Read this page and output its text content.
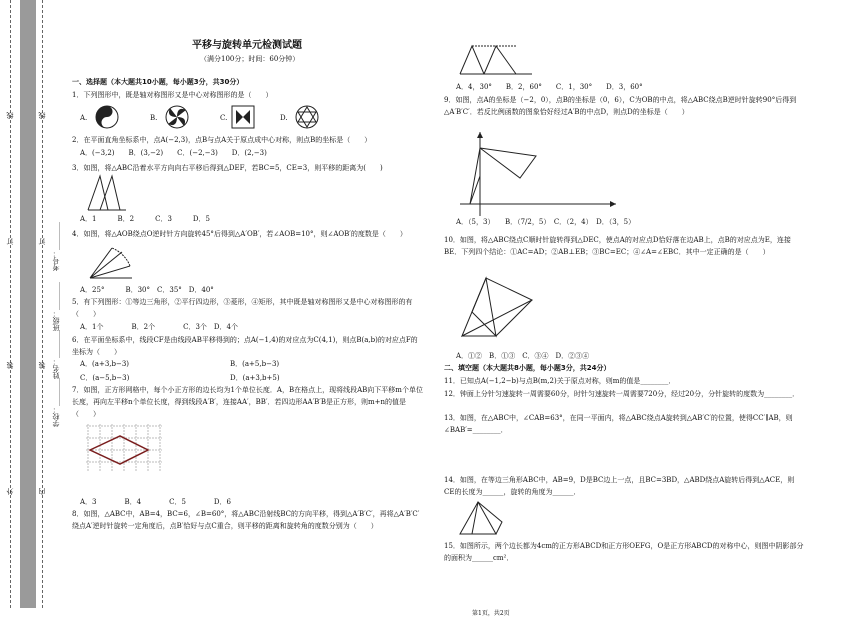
线
订
装
外
线
订
装
内
考号：________
班级：________
姓名：________
学校：________
平移与旋转单元检测试题
（满分100分；时间：60分钟）
一、选择题（本大题共10小题，每小题3分，共30分）
1．下列图形中，既是轴对称图形又是中心对称图形的是（　　）
A.	B.	C.	D.
2．在平面直角坐标系中，点A(−2,3)，点B与点A关于原点成中心对称，则点B的坐标是（　　）
A．(−3,2)　　B．(3,−2)　　C．(−2,−3)　　D．(2,−3)
3．如图，将△ABC沿着水平方向向右平移后得到△DEF，若BC=5，CE=3，则平移的距离为(　　)
A．1　　　B．2　　　C．3　　　D．5
4．如图，将△AOB绕点O逆时针方向旋转45°后得到△A′OB′，若∠AOB=10°，则∠AOB′的度数是（　　）
A．25°　　　B．30°　C．35°　D．40°
5．有下列图形：①等边三角形，②平行四边形，③菱形，④矩形，其中既是轴对称图形又是中心对称图形的有（　　）
A．1个　　　　B．2个　　　　C．3个　D．4个
6．在平面坐标系中，线段CF是由线段AB平移得到的；点A(−1,4)的对应点为C(4,1)，则点B(a,b)的对应点F的坐标为（　　）
A．(a+3,b−3)	B．(a+5,b−3)
C．(a−5,b−3)	D．(a+3,b+5)
7．如图，正方形网格中，每个小正方形的边长均为1个单位长度．A，B在格点上，现将线段AB向下平移m个单位长度，再向左平移n个单位长度，得到线段A′B′，连接AA′，BB′．若四边形AA′B′B是正方形，则m+n的值是（　　）
A．3　　　　B．4　　　　C．5　　　　D．6
8．如图，△ABC中，AB=4，BC=6，∠B=60°，将△ABC沿射线BC的方向平移，得到△A′B′C′，再将△A′B′C′绕点A′逆时针旋转一定角度后，点B′恰好与点C重合，则平移的距离和旋转角的度数分别为（　　）
A．4，30°　　B．2，60°　　C．1，30°　　D．3，60°
9．如图，点A的坐标是（−2，0），点B的坐标是（0，6），C为OB的中点，将△ABC绕点B逆时针旋转90°后得到△A′B′C′．若反比例函数的图象恰好经过A′B的中点D，则点D的坐标是（　　）
A．（5，3）　　B．（7/2，5）　C．（2，4）　D．（3，5）
10．如图，将△ABC绕点C顺时针旋转得到△DEC，使点A的对应点D恰好落在边AB上，点B的对应点为E，连接BE．下列四个结论：①AC=AD；②AB⊥EB；③BC=EC；④∠A=∠EBC．其中一定正确的是（　　）
A．①②　B．①③　C．③④　D．②③④
二、填空题（本大题共8小题，每小题3分，共24分）
11．已知点A(−1,2−b)与点B(m,2)关于原点对称，则m的值是________．
12．钟面上分针匀速旋转一周需要60分，时针匀速旋转一周需要720分，经过20分，分针旋转的度数为________．
13．如图，在△ABC中，∠CAB=63°，在同一平面内，将△ABC绕点A旋转到△AB′C′的位置，使得CC′∥AB，则∠BAB′=________．
14．如图，在等边三角形ABC中，AB=9，D是BC边上一点，且BC=3BD，△ABD绕点A旋转后得到△ACE，则CE的长度为______，旋转的角度为______．
15．如图所示，两个边长都为4cm的正方形ABCD和正方形OEFG，O是正方形ABCD的对称中心，则图中阴影部分的面积为______cm²．
第1页，共2页
